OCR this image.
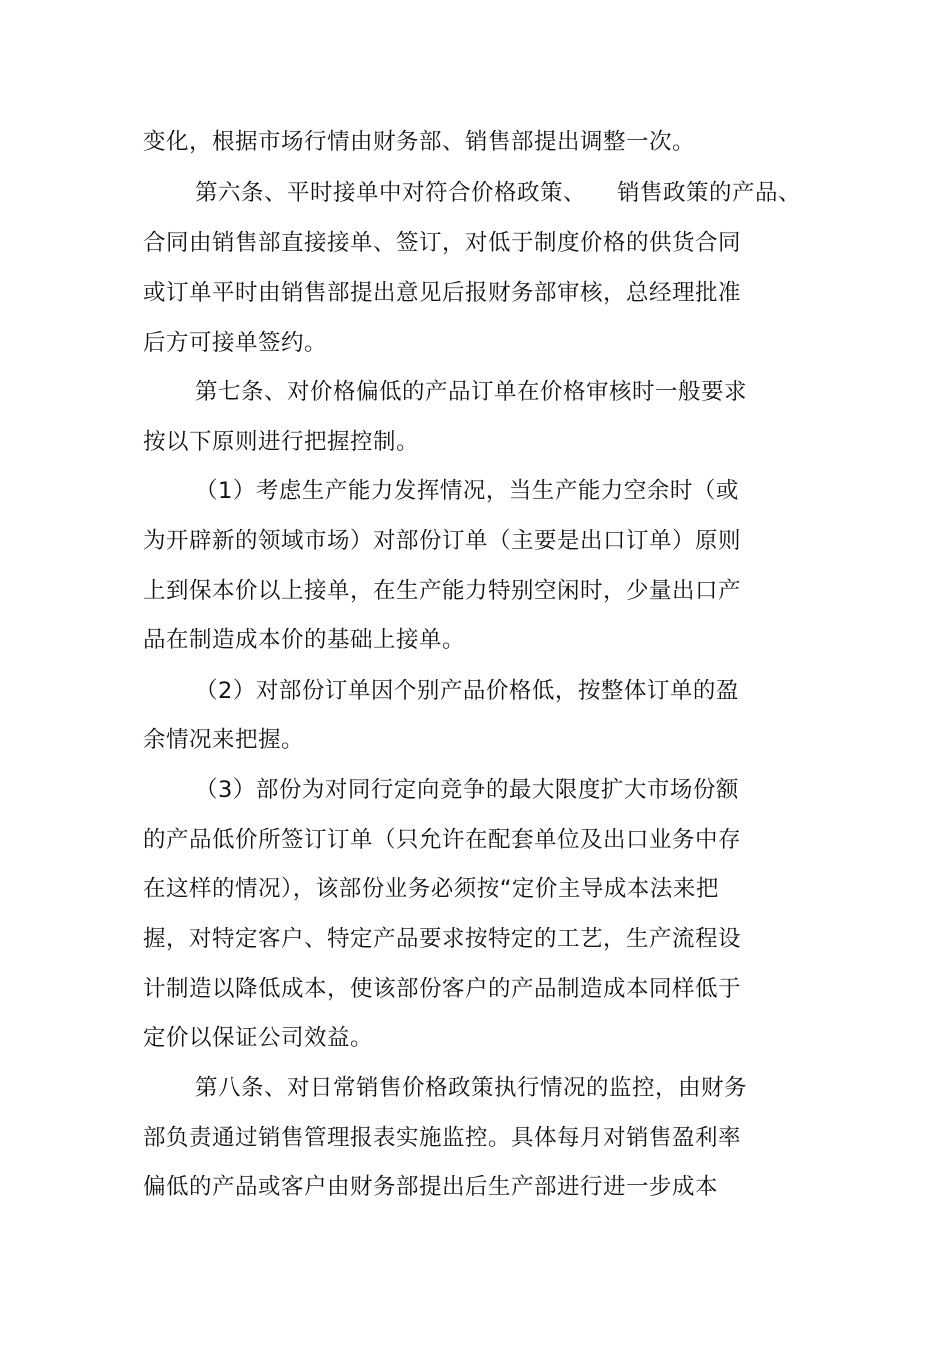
变化，根据市场行情由财务部、销售部提出调整一次。
第六条、平时接单中对符合价格政策、 销售政策的产品、
合同由销售部直接接单、签订，对低于制度价格的供货合同
或订单平时由销售部提出意见后报财务部审核，总经理批准
后方可接单签约。
第七条、对价格偏低的产品订单在价格审核时一般要求
按以下原则进行把握控制。
（1）考虑生产能力发挥情况，当生产能力空余时（或
为开辟新的领域市场）对部份订单（主要是出口订单）原则
上到保本价以上接单，在生产能力特别空闲时，少量出口产
品在制造成本价的基础上接单。
（2）对部份订单因个别产品价格低，按整体订单的盈
余情况来把握。
（3）部份为对同行定向竞争的最大限度扩大市场份额
的产品低价所签订订单（只允许在配套单位及出口业务中存
在这样的情况），该部份业务必须按“定价主导成本法来把
握，对特定客户、特定产品要求按特定的工艺，生产流程设
计制造以降低成本，使该部份客户的产品制造成本同样低于
定价以保证公司效益。
第八条、对日常销售价格政策执行情况的监控，由财务
部负责通过销售管理报表实施监控。具体每月对销售盈利率
偏低的产品或客户由财务部提出后生产部进行进一步成本
